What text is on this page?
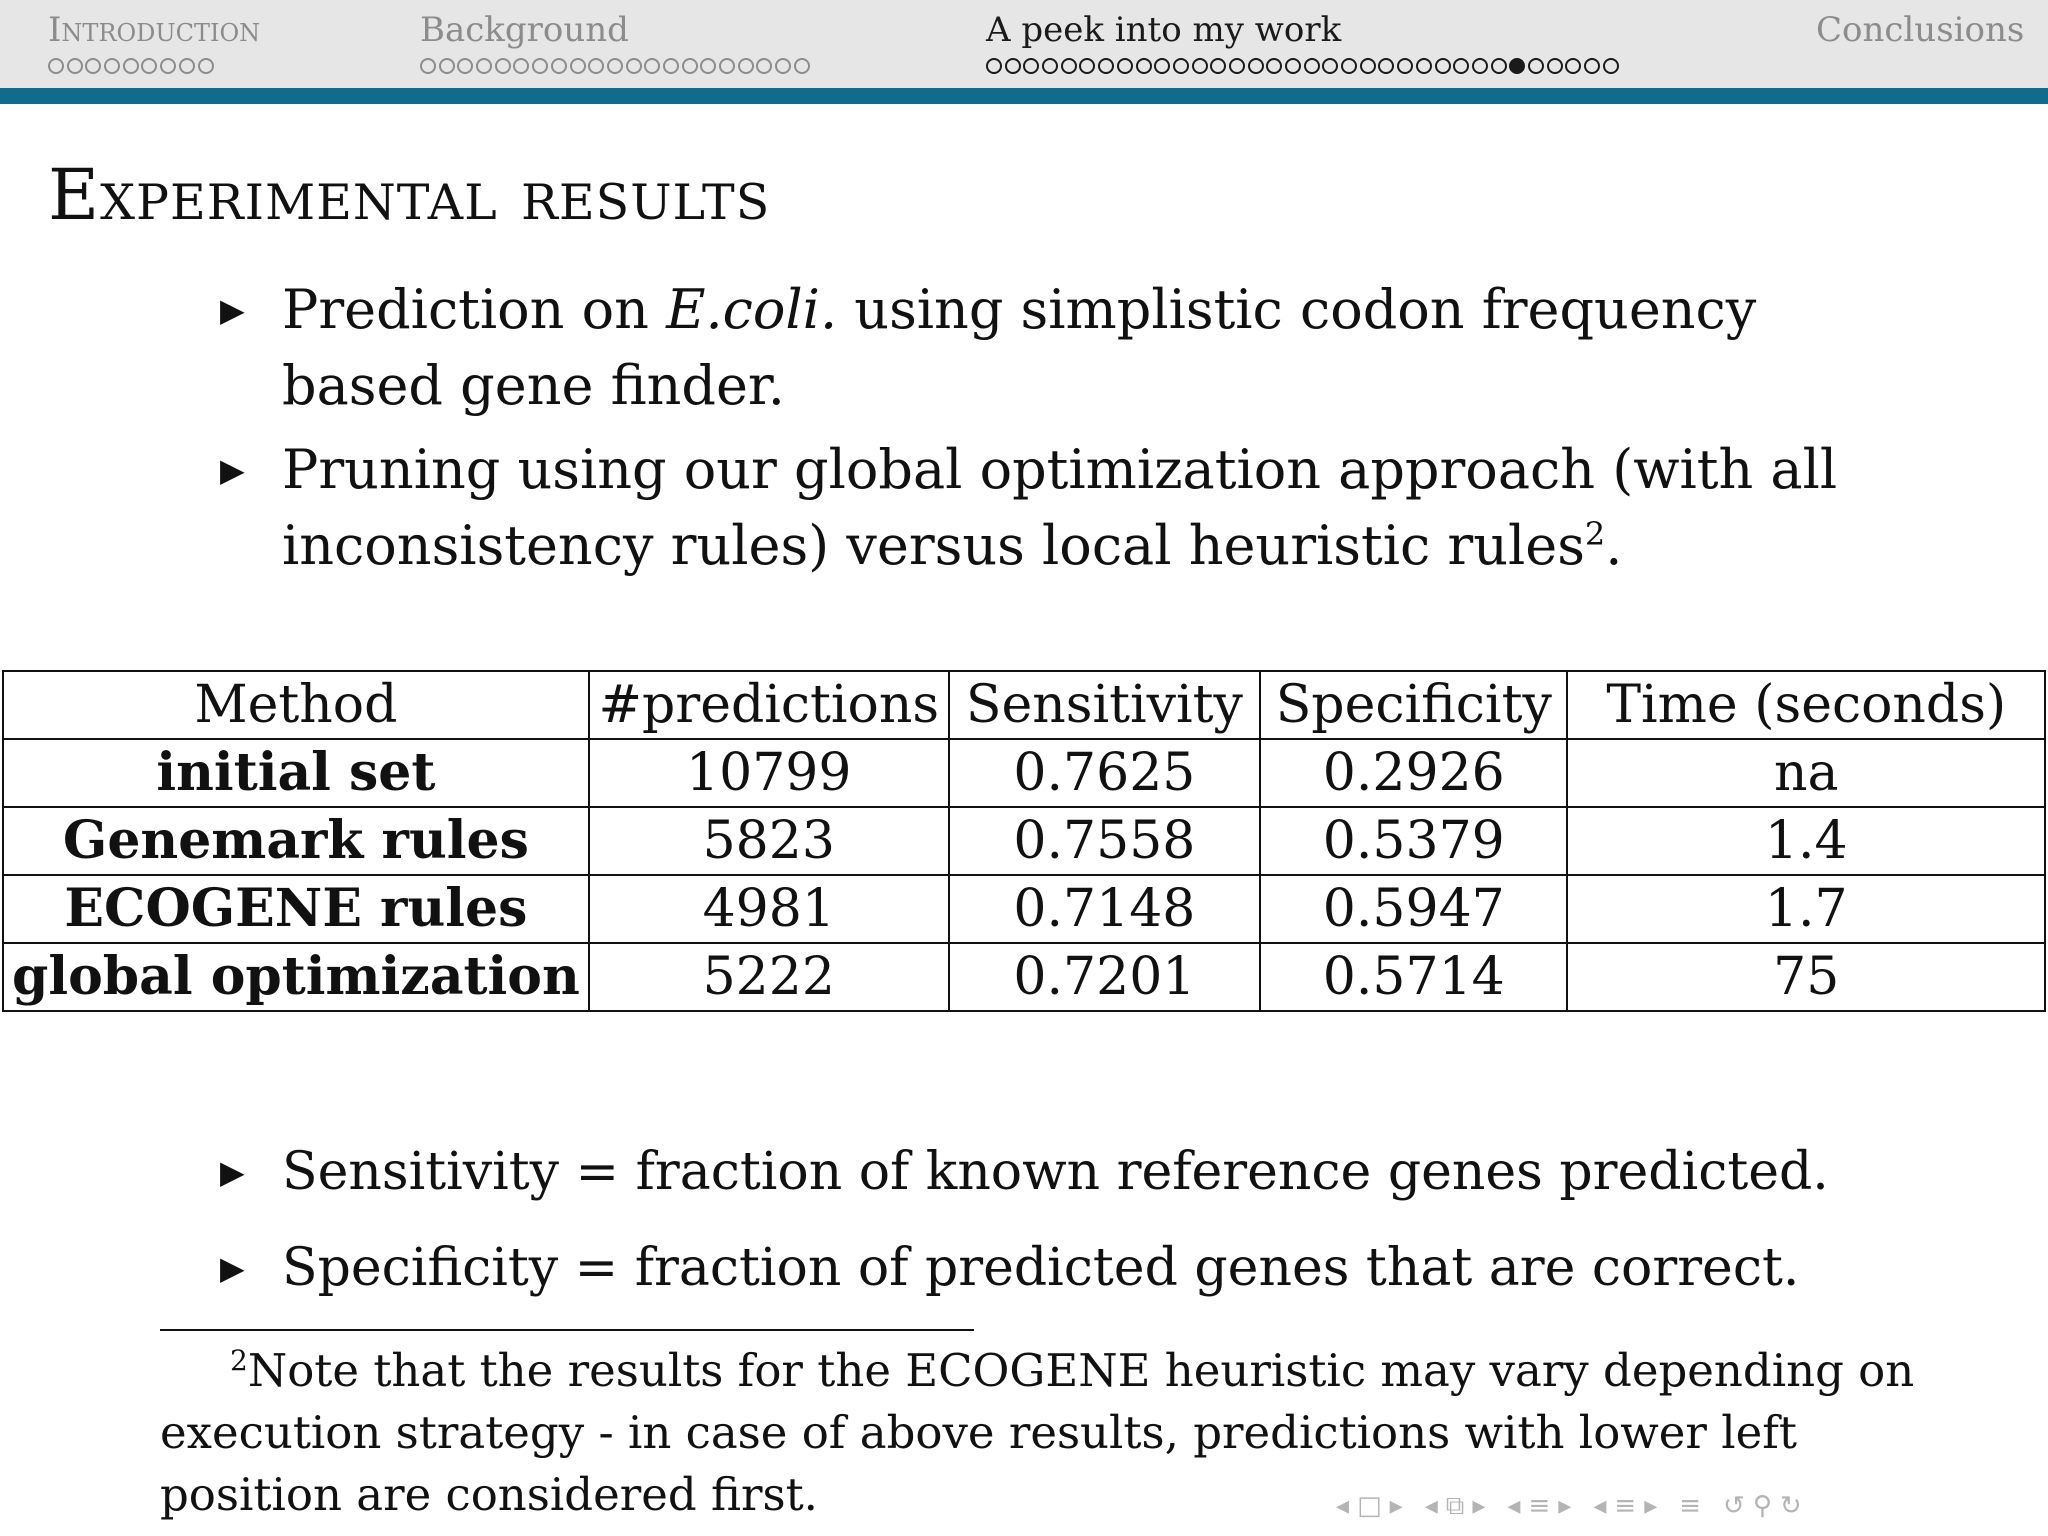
Introduction	Background	A peek into my work	Conclusions
Experimental results
▶ Prediction on E.coli. using simplistic codon frequency based gene finder.
▶ Pruning using our global optimization approach (with all inconsistency rules) versus local heuristic rules$^2$.
Method	#predictions	Sensitivity	Specificity	Time (seconds)
initial set	10799	0.7625	0.2926	na
Genemark rules	5823	0.7558	0.5379	1.4
ECOGENE rules	4981	0.7148	0.5947	1.7
global optimization	5222	0.7201	0.5714	75
▶ Sensitivity = fraction of known reference genes predicted.
▶ Specificity = fraction of predicted genes that are correct.
$^2$Note that the results for the ECOGENE heuristic may vary depending on execution strategy - in case of above results, predictions with lower left position are considered first.	◂ □ ▸ ◂ ⧉ ▸ ◂ ≡ ▸ ◂ ≡ ▸ ≡ ↺ ⚲ ↻
